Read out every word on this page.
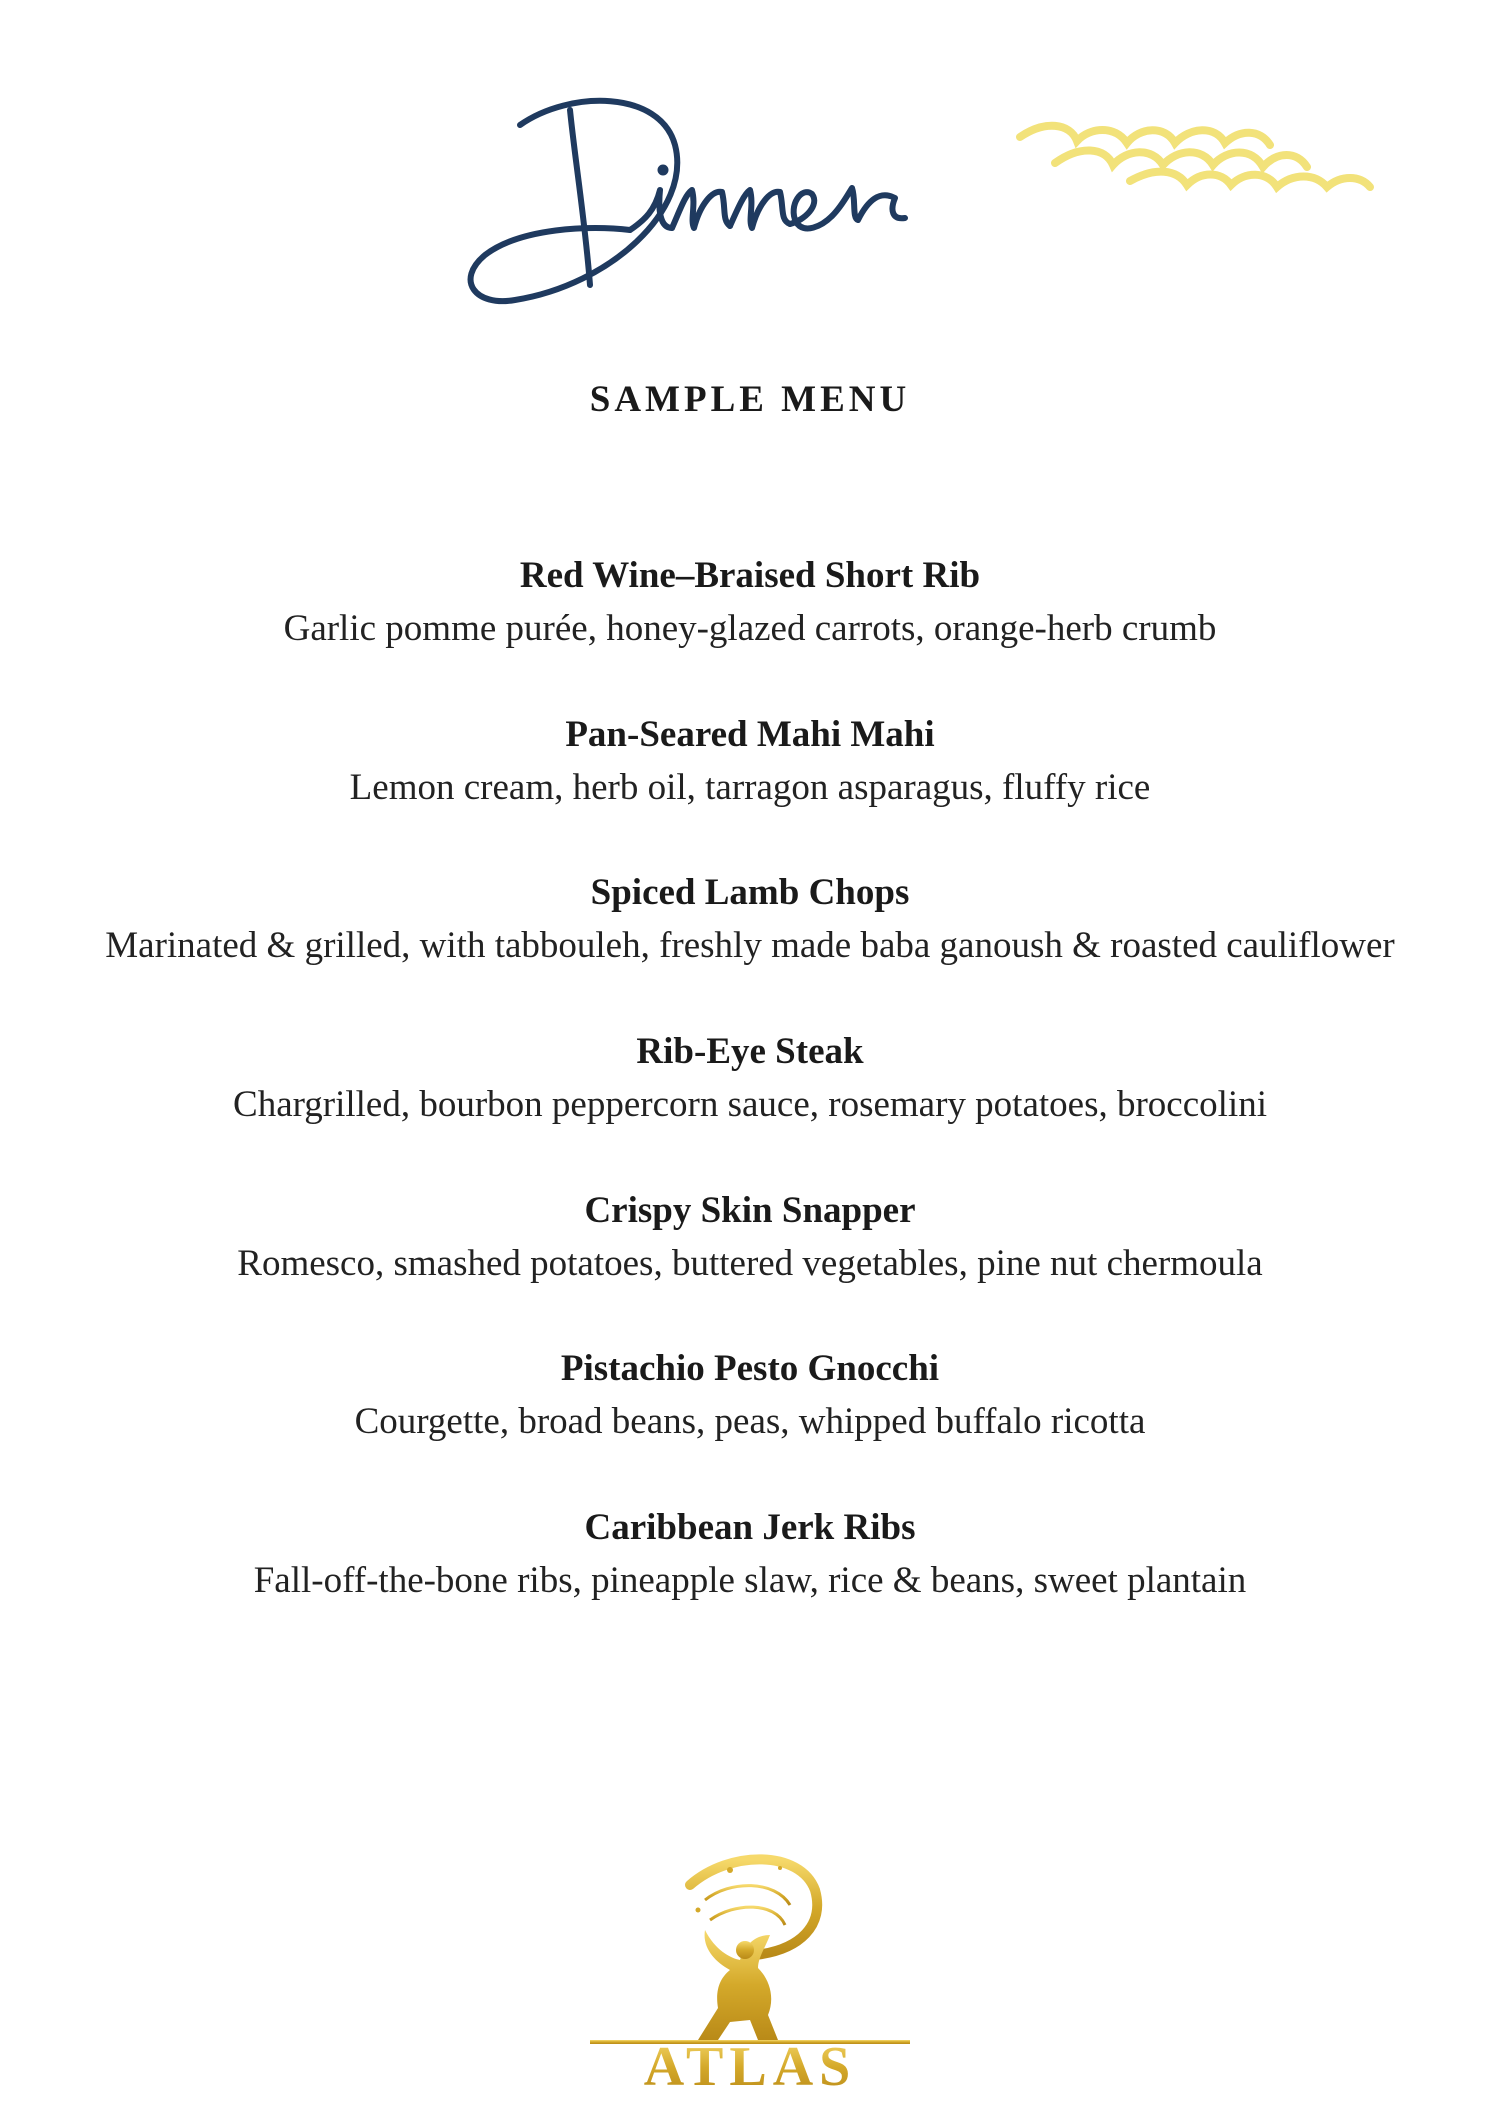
SAMPLE MENU
Red Wine–Braised Short Rib
Garlic pomme purée, honey-glazed carrots, orange-herb crumb
Pan-Seared Mahi Mahi
Lemon cream, herb oil, tarragon asparagus, fluffy rice
Spiced Lamb Chops
Marinated & grilled, with tabbouleh, freshly made baba ganoush & roasted cauliflower
Rib-Eye Steak
Chargrilled, bourbon peppercorn sauce, rosemary potatoes, broccolini
Crispy Skin Snapper
Romesco, smashed potatoes, buttered vegetables, pine nut chermoula
Pistachio Pesto Gnocchi
Courgette, broad beans, peas, whipped buffalo ricotta
Caribbean Jerk Ribs
Fall-off-the-bone ribs, pineapple slaw, rice & beans, sweet plantain
ATLAS
